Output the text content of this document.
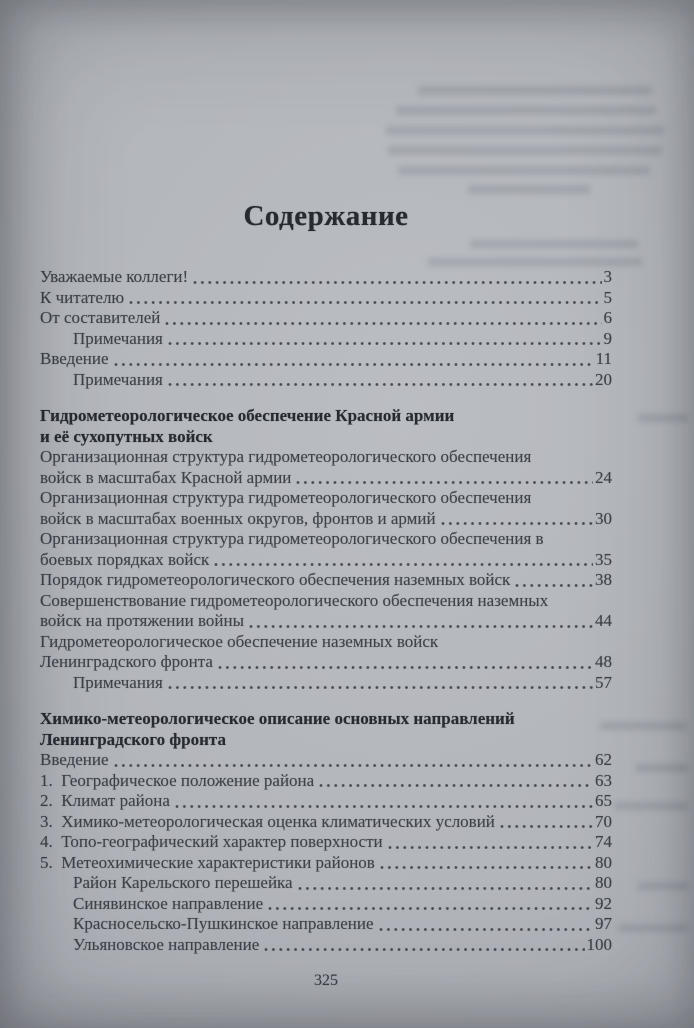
Содержание
Уважаемые коллеги!	3
К читателю	5
От составителей	6
Примечания	9
Введение	11
Примечания	20
Гидрометеорологическое обеспечение Красной армии
и её сухопутных войск
Организационная структура гидрометеорологического обеспечения
войск в масштабах Красной армии	24
Организационная структура гидрометеорологического обеспечения
войск в масштабах военных округов, фронтов и армий	30
Организационная структура гидрометеорологического обеспечения в
боевых порядках войск	35
Порядок гидрометеорологического обеспечения наземных войск	38
Совершенствование гидрометеорологического обеспечения наземных
войск на протяжении войны	44
Гидрометеорологическое обеспечение наземных войск
Ленинградского фронта	48
Примечания	57
Химико-метеорологическое описание основных направлений
Ленинградского фронта
Введение	62
1. Географическое положение района	63
2. Климат района	65
3. Химико-метеорологическая оценка климатических условий	70
4. Топо-географический характер поверхности	74
5. Метеохимические характеристики районов	80
Район Карельского перешейка	80
Синявинское направление	92
Красносельско-Пушкинское направление	97
Ульяновское направление	100
325
